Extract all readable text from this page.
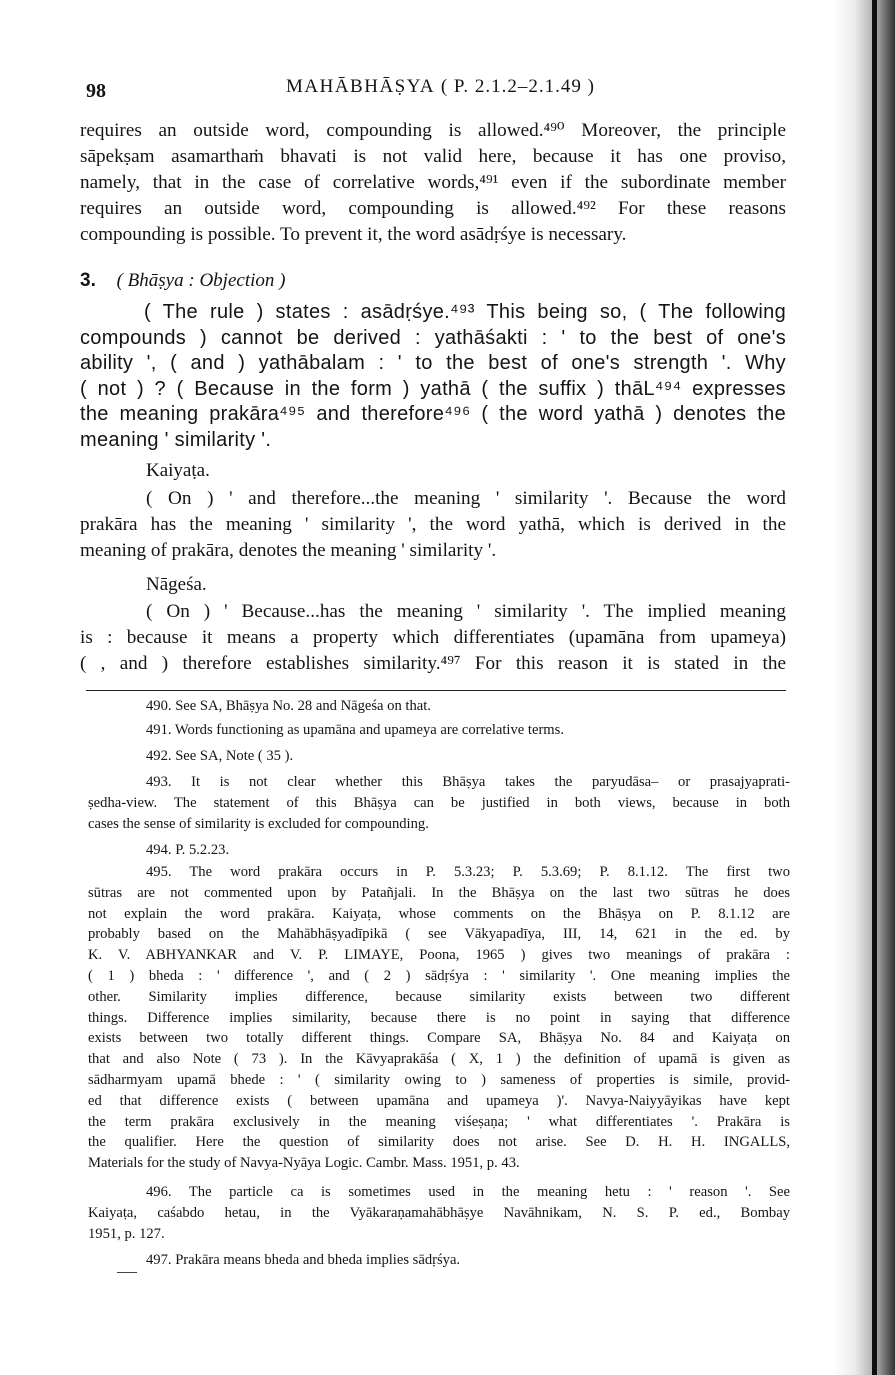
98	MAHĀBHĀṢYA ( P. 2.1.2–2.1.49 )
requires an outside word, compounding is allowed.⁴⁹⁰ Moreover, the principle
sāpekṣam asamarthaṁ bhavati is not valid here, because it has one proviso,
namely, that in the case of correlative words,⁴⁹¹ even if the subordinate member
requires an outside word, compounding is allowed.⁴⁹² For these reasons
compounding is possible. To prevent it, the word asādṛśye is necessary.
3. ( Bhāṣya : Objection )
( The rule ) states : asādṛśye.⁴⁹³ This being so, ( The following
compounds ) cannot be derived : yathāśakti : ' to the best of one's
ability ', ( and ) yathābalam : ' to the best of one's strength '. Why
( not ) ? ( Because in the form ) yathā ( the suffix ) thāL⁴⁹⁴ expresses
the meaning prakāra⁴⁹⁵ and therefore⁴⁹⁶ ( the word yathā ) denotes the
meaning ' similarity '.
Kaiyaṭa.
( On ) ' and therefore...the meaning ' similarity '. Because the word
prakāra has the meaning ' similarity ', the word yathā, which is derived in the
meaning of prakāra, denotes the meaning ' similarity '.
Nāgeśa.
( On ) ' Because...has the meaning ' similarity '. The implied meaning
is : because it means a property which differentiates (upamāna from upameya)
( , and ) therefore establishes similarity.⁴⁹⁷ For this reason it is stated in the
490. See SA, Bhāṣya No. 28 and Nāgeśa on that.
491. Words functioning as upamāna and upameya are correlative terms.
492. See SA, Note ( 35 ).
493. It is not clear whether this Bhāṣya takes the paryudāsa– or prasajyaprati-
ṣedha-view. The statement of this Bhāṣya can be justified in both views, because in both
cases the sense of similarity is excluded for compounding.
494. P. 5.2.23.
495. The word prakāra occurs in P. 5.3.23; P. 5.3.69; P. 8.1.12. The first two
sūtras are not commented upon by Patañjali. In the Bhāṣya on the last two sūtras he does
not explain the word prakāra. Kaiyaṭa, whose comments on the Bhāṣya on P. 8.1.12 are
probably based on the Mahābhāṣyadīpikā ( see Vākyapadīya, III, 14, 621 in the ed. by
K. V. ABHYANKAR and V. P. LIMAYE, Poona, 1965 ) gives two meanings of prakāra :
( 1 ) bheda : ' difference ', and ( 2 ) sādṛśya : ' similarity '. One meaning implies the
other. Similarity implies difference, because similarity exists between two different
things. Difference implies similarity, because there is no point in saying that difference
exists between two totally different things. Compare SA, Bhāṣya No. 84 and Kaiyaṭa on
that and also Note ( 73 ). In the Kāvyaprakāśa ( X, 1 ) the definition of upamā is given as
sādharmyam upamā bhede : ' ( similarity owing to ) sameness of properties is simile, provid-
ed that difference exists ( between upamāna and upameya )'. Navya-Naiyyāyikas have kept
the term prakāra exclusively in the meaning viśeṣaṇa; ' what differentiates '. Prakāra is
the qualifier. Here the question of similarity does not arise. See D. H. H. INGALLS,
Materials for the study of Navya-Nyāya Logic. Cambr. Mass. 1951, p. 43.
496. The particle ca is sometimes used in the meaning hetu : ' reason '. See
Kaiyaṭa, caśabdo hetau, in the Vyākaraṇamahābhāṣye Navāhnikam, N. S. P. ed., Bombay
1951, p. 127.
497. Prakāra means bheda and bheda implies sādṛśya.
